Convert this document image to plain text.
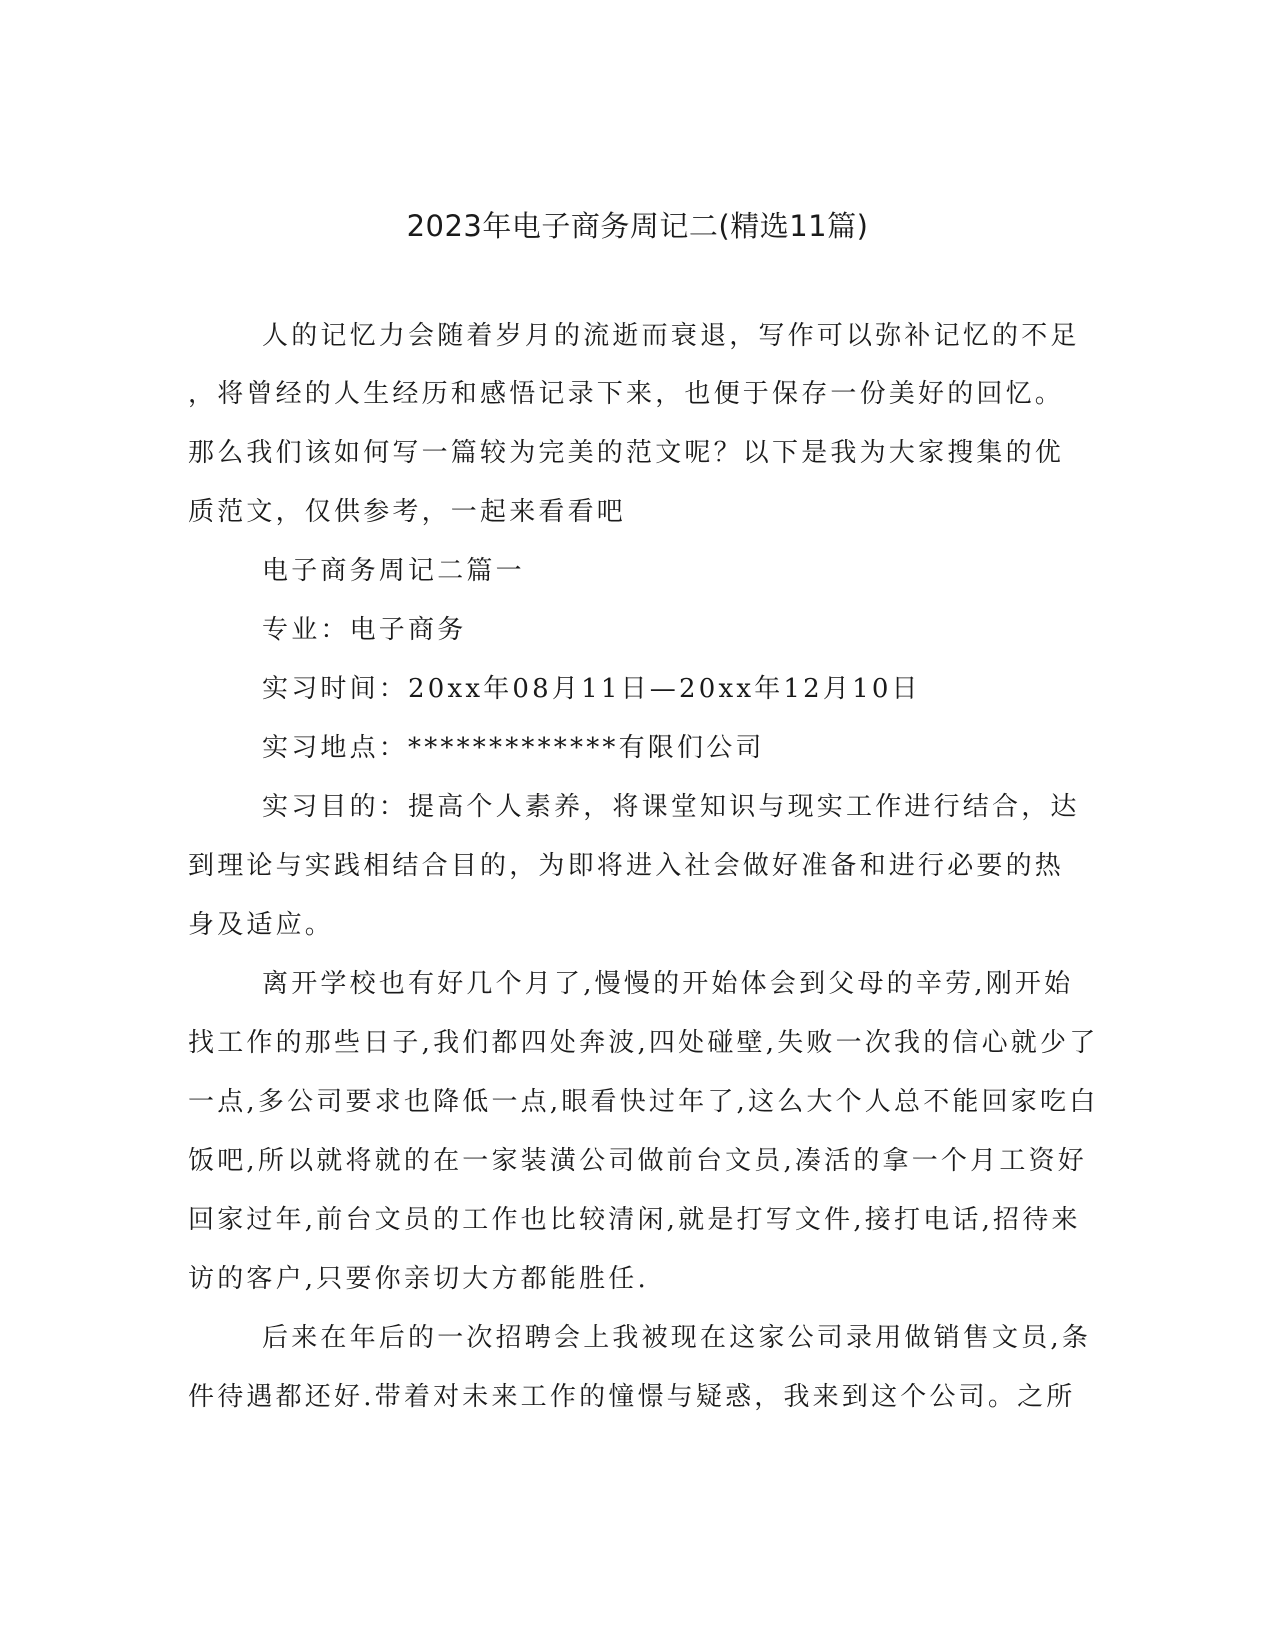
2023年电子商务周记二(精选11篇)
人的记忆力会随着岁月的流逝而衰退，写作可以弥补记忆的不足
，将曾经的人生经历和感悟记录下来，也便于保存一份美好的回忆。
那么我们该如何写一篇较为完美的范文呢？以下是我为大家搜集的优
质范文，仅供参考，一起来看看吧
电子商务周记二篇一
专业：电子商务
实习时间：20xx年08月11日—20xx年12月10日
实习地点：*************有限们公司
实习目的：提高个人素养，将课堂知识与现实工作进行结合，达
到理论与实践相结合目的，为即将进入社会做好准备和进行必要的热
身及适应。
离开学校也有好几个月了,慢慢的开始体会到父母的辛劳,刚开始
找工作的那些日子,我们都四处奔波,四处碰壁,失败一次我的信心就少了
一点,多公司要求也降低一点,眼看快过年了,这么大个人总不能回家吃白
饭吧,所以就将就的在一家装潢公司做前台文员,凑活的拿一个月工资好
回家过年,前台文员的工作也比较清闲,就是打写文件,接打电话,招待来
访的客户,只要你亲切大方都能胜任.
后来在年后的一次招聘会上我被现在这家公司录用做销售文员,条
件待遇都还好.带着对未来工作的憧憬与疑惑，我来到这个公司。之所
